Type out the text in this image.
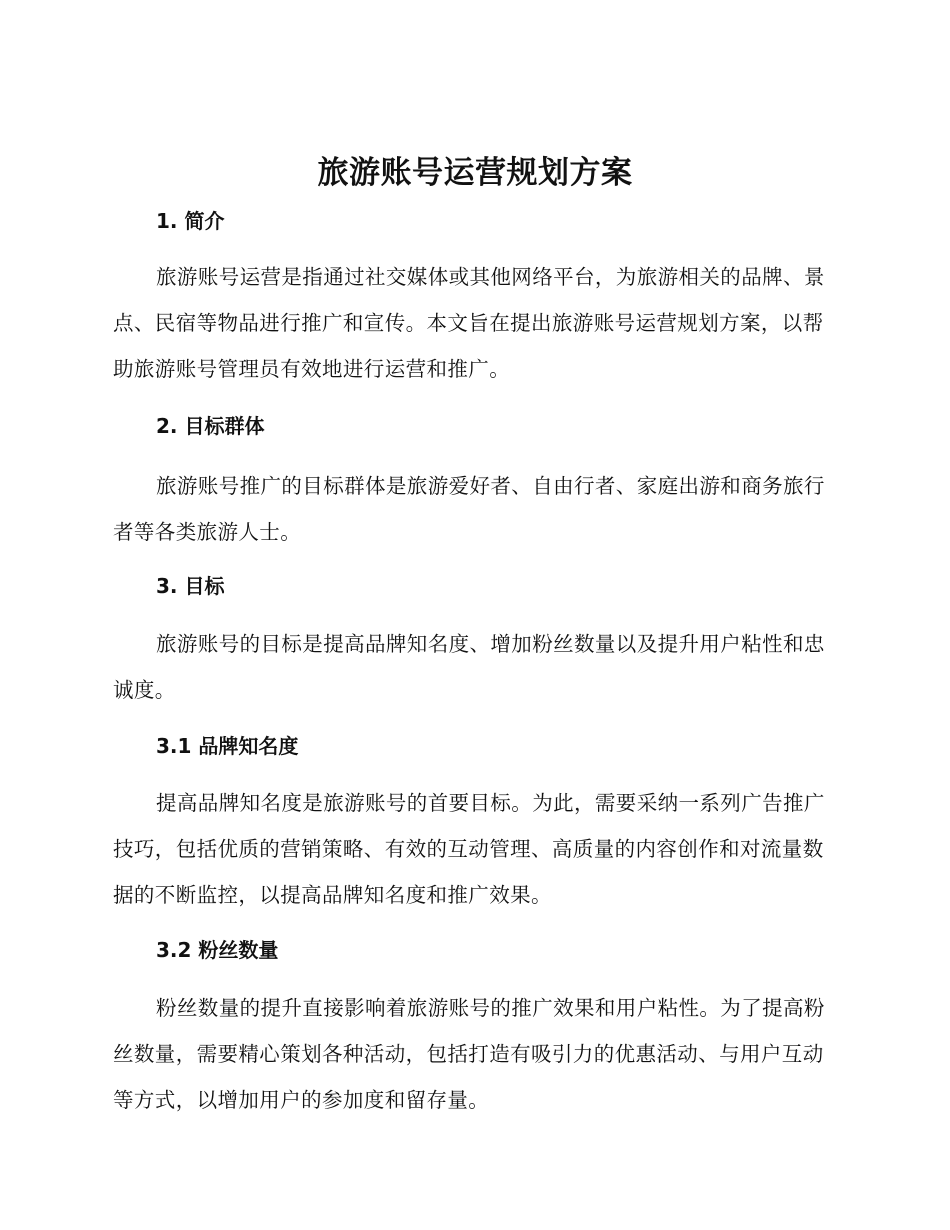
旅游账号运营规划方案
1. 简介

旅游账号运营是指通过社交媒体或其他网络平台，为旅游相关的品牌、景点、民宿等物品进行推广和宣传。本文旨在提出旅游账号运营规划方案，以帮助旅游账号管理员有效地进行运营和推广。

2. 目标群体

旅游账号推广的目标群体是旅游爱好者、自由行者、家庭出游和商务旅行者等各类旅游人士。

3. 目标

旅游账号的目标是提高品牌知名度、增加粉丝数量以及提升用户粘性和忠诚度。

3.1 品牌知名度

提高品牌知名度是旅游账号的首要目标。为此，需要采纳一系列广告推广技巧，包括优质的营销策略、有效的互动管理、高质量的内容创作和对流量数据的不断监控，以提高品牌知名度和推广效果。

3.2 粉丝数量

粉丝数量的提升直接影响着旅游账号的推广效果和用户粘性。为了提高粉丝数量，需要精心策划各种活动，包括打造有吸引力的优惠活动、与用户互动等方式，以增加用户的参加度和留存量。
